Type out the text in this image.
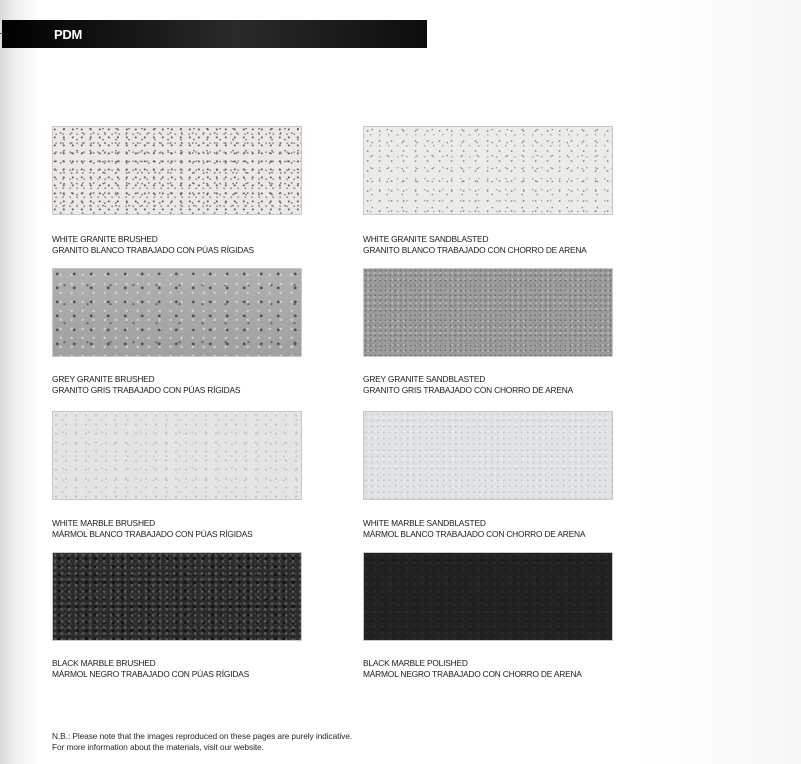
PDM
WHITE GRANITE BRUSHED
GRANITO BLANCO TRABAJADO CON PÚAS RÍGIDAS
WHITE GRANITE SANDBLASTED
GRANITO BLANCO TRABAJADO CON CHORRO DE ARENA
GREY GRANITE BRUSHED
GRANITO GRIS TRABAJADO CON PÚAS RÍGIDAS
GREY GRANITE SANDBLASTED
GRANITO GRIS TRABAJADO CON CHORRO DE ARENA
WHITE MARBLE BRUSHED
MÁRMOL BLANCO TRABAJADO CON PÚAS RÍGIDAS
WHITE MARBLE SANDBLASTED
MÁRMOL BLANCO TRABAJADO CON CHORRO DE ARENA
BLACK MARBLE BRUSHED
MÁRMOL NEGRO TRABAJADO CON PÚAS RÍGIDAS
BLACK MARBLE POLISHED
MÁRMOL NEGRO TRABAJADO CON CHORRO DE ARENA
N.B.: Please note that the images reproduced on these pages are purely indicative.
For more information about the materials, visit our website.
